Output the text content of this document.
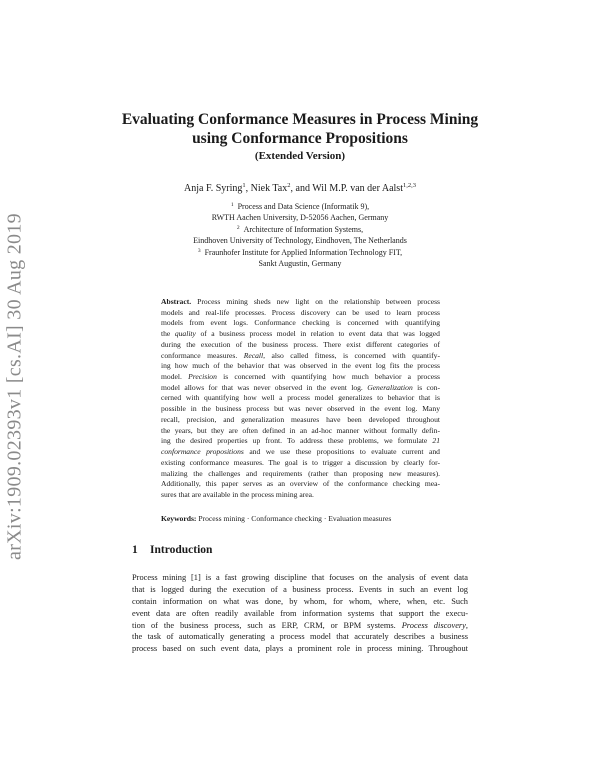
arXiv:1909.02393v1 [cs.AI] 30 Aug 2019
Evaluating Conformance Measures in Process Mining
using Conformance Propositions
(Extended Version)
Anja F. Syring$^1$, Niek Tax$^2$, and Wil M.P. van der Aalst$^{1,2,3}$
$^1$ Process and Data Science (Informatik 9),
RWTH Aachen University, D-52056 Aachen, Germany
$^2$ Architecture of Information Systems,
Eindhoven University of Technology, Eindhoven, The Netherlands
$^3$ Fraunhofer Institute for Applied Information Technology FIT,
Sankt Augustin, Germany
Abstract. Process mining sheds new light on the relationship between process
models and real-life processes. Process discovery can be used to learn process
models from event logs. Conformance checking is concerned with quantifying
the quality of a business process model in relation to event data that was logged
during the execution of the business process. There exist different categories of
conformance measures. Recall, also called fitness, is concerned with quantify-
ing how much of the behavior that was observed in the event log fits the process
model. Precision is concerned with quantifying how much behavior a process
model allows for that was never observed in the event log. Generalization is con-
cerned with quantifying how well a process model generalizes to behavior that is
possible in the business process but was never observed in the event log. Many
recall, precision, and generalization measures have been developed throughout
the years, but they are often defined in an ad-hoc manner without formally defin-
ing the desired properties up front. To address these problems, we formulate 21
conformance propositions and we use these propositions to evaluate current and
existing conformance measures. The goal is to trigger a discussion by clearly for-
malizing the challenges and requirements (rather than proposing new measures).
Additionally, this paper serves as an overview of the conformance checking mea-
sures that are available in the process mining area.
Keywords: Process mining · Conformance checking · Evaluation measures
1 Introduction
Process mining [1] is a fast growing discipline that focuses on the analysis of event data
that is logged during the execution of a business process. Events in such an event log
contain information on what was done, by whom, for whom, where, when, etc. Such
event data are often readily available from information systems that support the execu-
tion of the business process, such as ERP, CRM, or BPM systems. Process discovery,
the task of automatically generating a process model that accurately describes a business
process based on such event data, plays a prominent role in process mining. Throughout
